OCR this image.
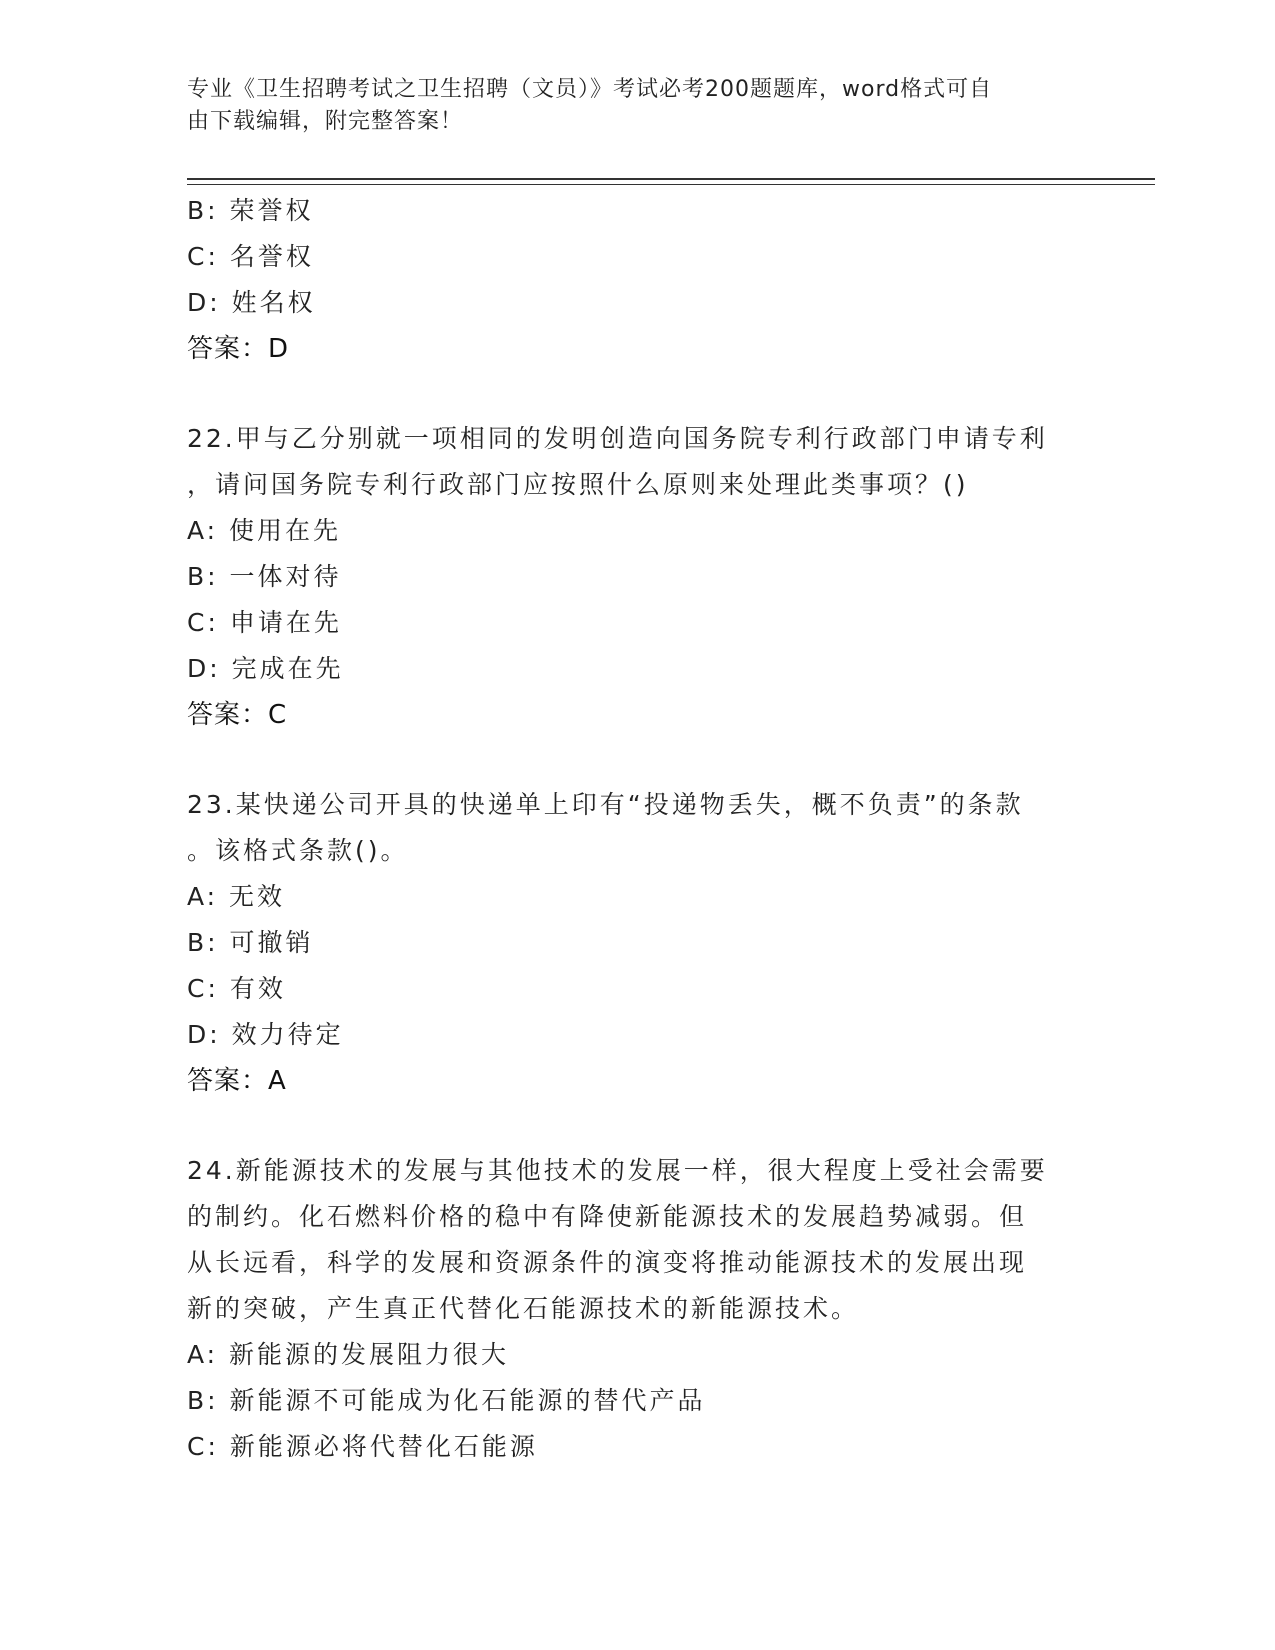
专业《卫生招聘考试之卫生招聘（文员）》考试必考200题题库，word格式可自
由下载编辑，附完整答案！
B: 荣誉权
C: 名誉权
D: 姓名权
答案：D
22.甲与乙分别就一项相同的发明创造向国务院专利行政部门申请专利
，请问国务院专利行政部门应按照什么原则来处理此类事项？()
A: 使用在先
B: 一体对待
C: 申请在先
D: 完成在先
答案：C
23.某快递公司开具的快递单上印有“投递物丢失，概不负责”的条款
。该格式条款()。
A: 无效
B: 可撤销
C: 有效
D: 效力待定
答案：A
24.新能源技术的发展与其他技术的发展一样，很大程度上受社会需要
的制约。化石燃料价格的稳中有降使新能源技术的发展趋势减弱。但
从长远看，科学的发展和资源条件的演变将推动能源技术的发展出现
新的突破，产生真正代替化石能源技术的新能源技术。
A: 新能源的发展阻力很大
B: 新能源不可能成为化石能源的替代产品
C: 新能源必将代替化石能源
